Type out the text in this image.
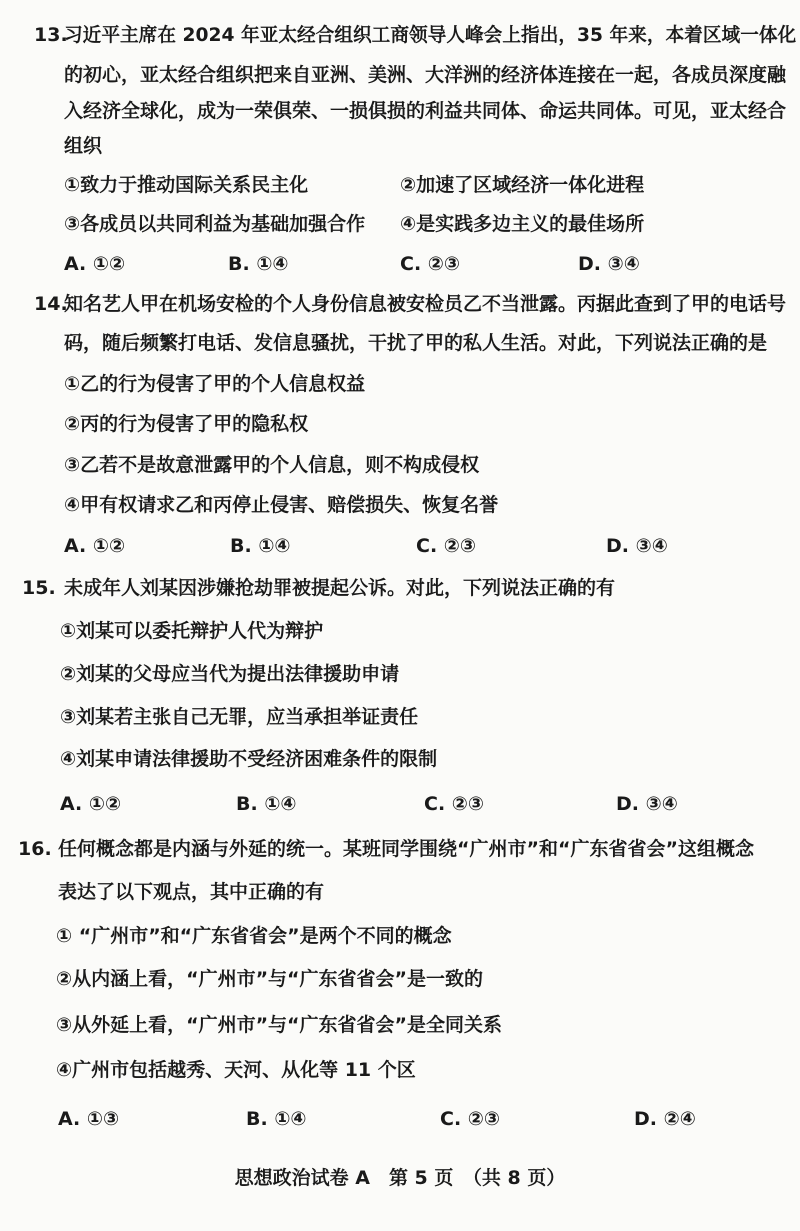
13.
习近平主席在 2024 年亚太经合组织工商领导人峰会上指出，35 年来，本着区域一体化
的初心，亚太经合组织把来自亚洲、美洲、大洋洲的经济体连接在一起，各成员深度融
入经济全球化，成为一荣俱荣、一损俱损的利益共同体、命运共同体。可见，亚太经合
组织
①致力于推动国际关系民主化	②加速了区域经济一体化进程
③各成员以共同利益为基础加强合作 ④是实践多边主义的最佳场所
A. ①②	B. ①④	C. ②③	D. ③④
14.
知名艺人甲在机场安检的个人身份信息被安检员乙不当泄露。丙据此查到了甲的电话号
码，随后频繁打电话、发信息骚扰，干扰了甲的私人生活。对此，下列说法正确的是
①乙的行为侵害了甲的个人信息权益
②丙的行为侵害了甲的隐私权
③乙若不是故意泄露甲的个人信息，则不构成侵权
④甲有权请求乙和丙停止侵害、赔偿损失、恢复名誉
A. ①②	B. ①④	C. ②③	D. ③④
15. 未成年人刘某因涉嫌抢劫罪被提起公诉。对此，下列说法正确的有
①刘某可以委托辩护人代为辩护
②刘某的父母应当代为提出法律援助申请
③刘某若主张自己无罪，应当承担举证责任
④刘某申请法律援助不受经济困难条件的限制
A. ①②	B. ①④	C. ②③	D. ③④
16. 任何概念都是内涵与外延的统一。某班同学围绕“广州市”和“广东省省会”这组概念
表达了以下观点，其中正确的有
① “广州市”和“广东省省会”是两个不同的概念
②从内涵上看，“广州市”与“广东省省会”是一致的
③从外延上看，“广州市”与“广东省省会”是全同关系
④广州市包括越秀、天河、从化等 11 个区
A. ①③	B. ①④	C. ②③	D. ②④
思想政治试卷 A　第 5 页　（共 8 页）
